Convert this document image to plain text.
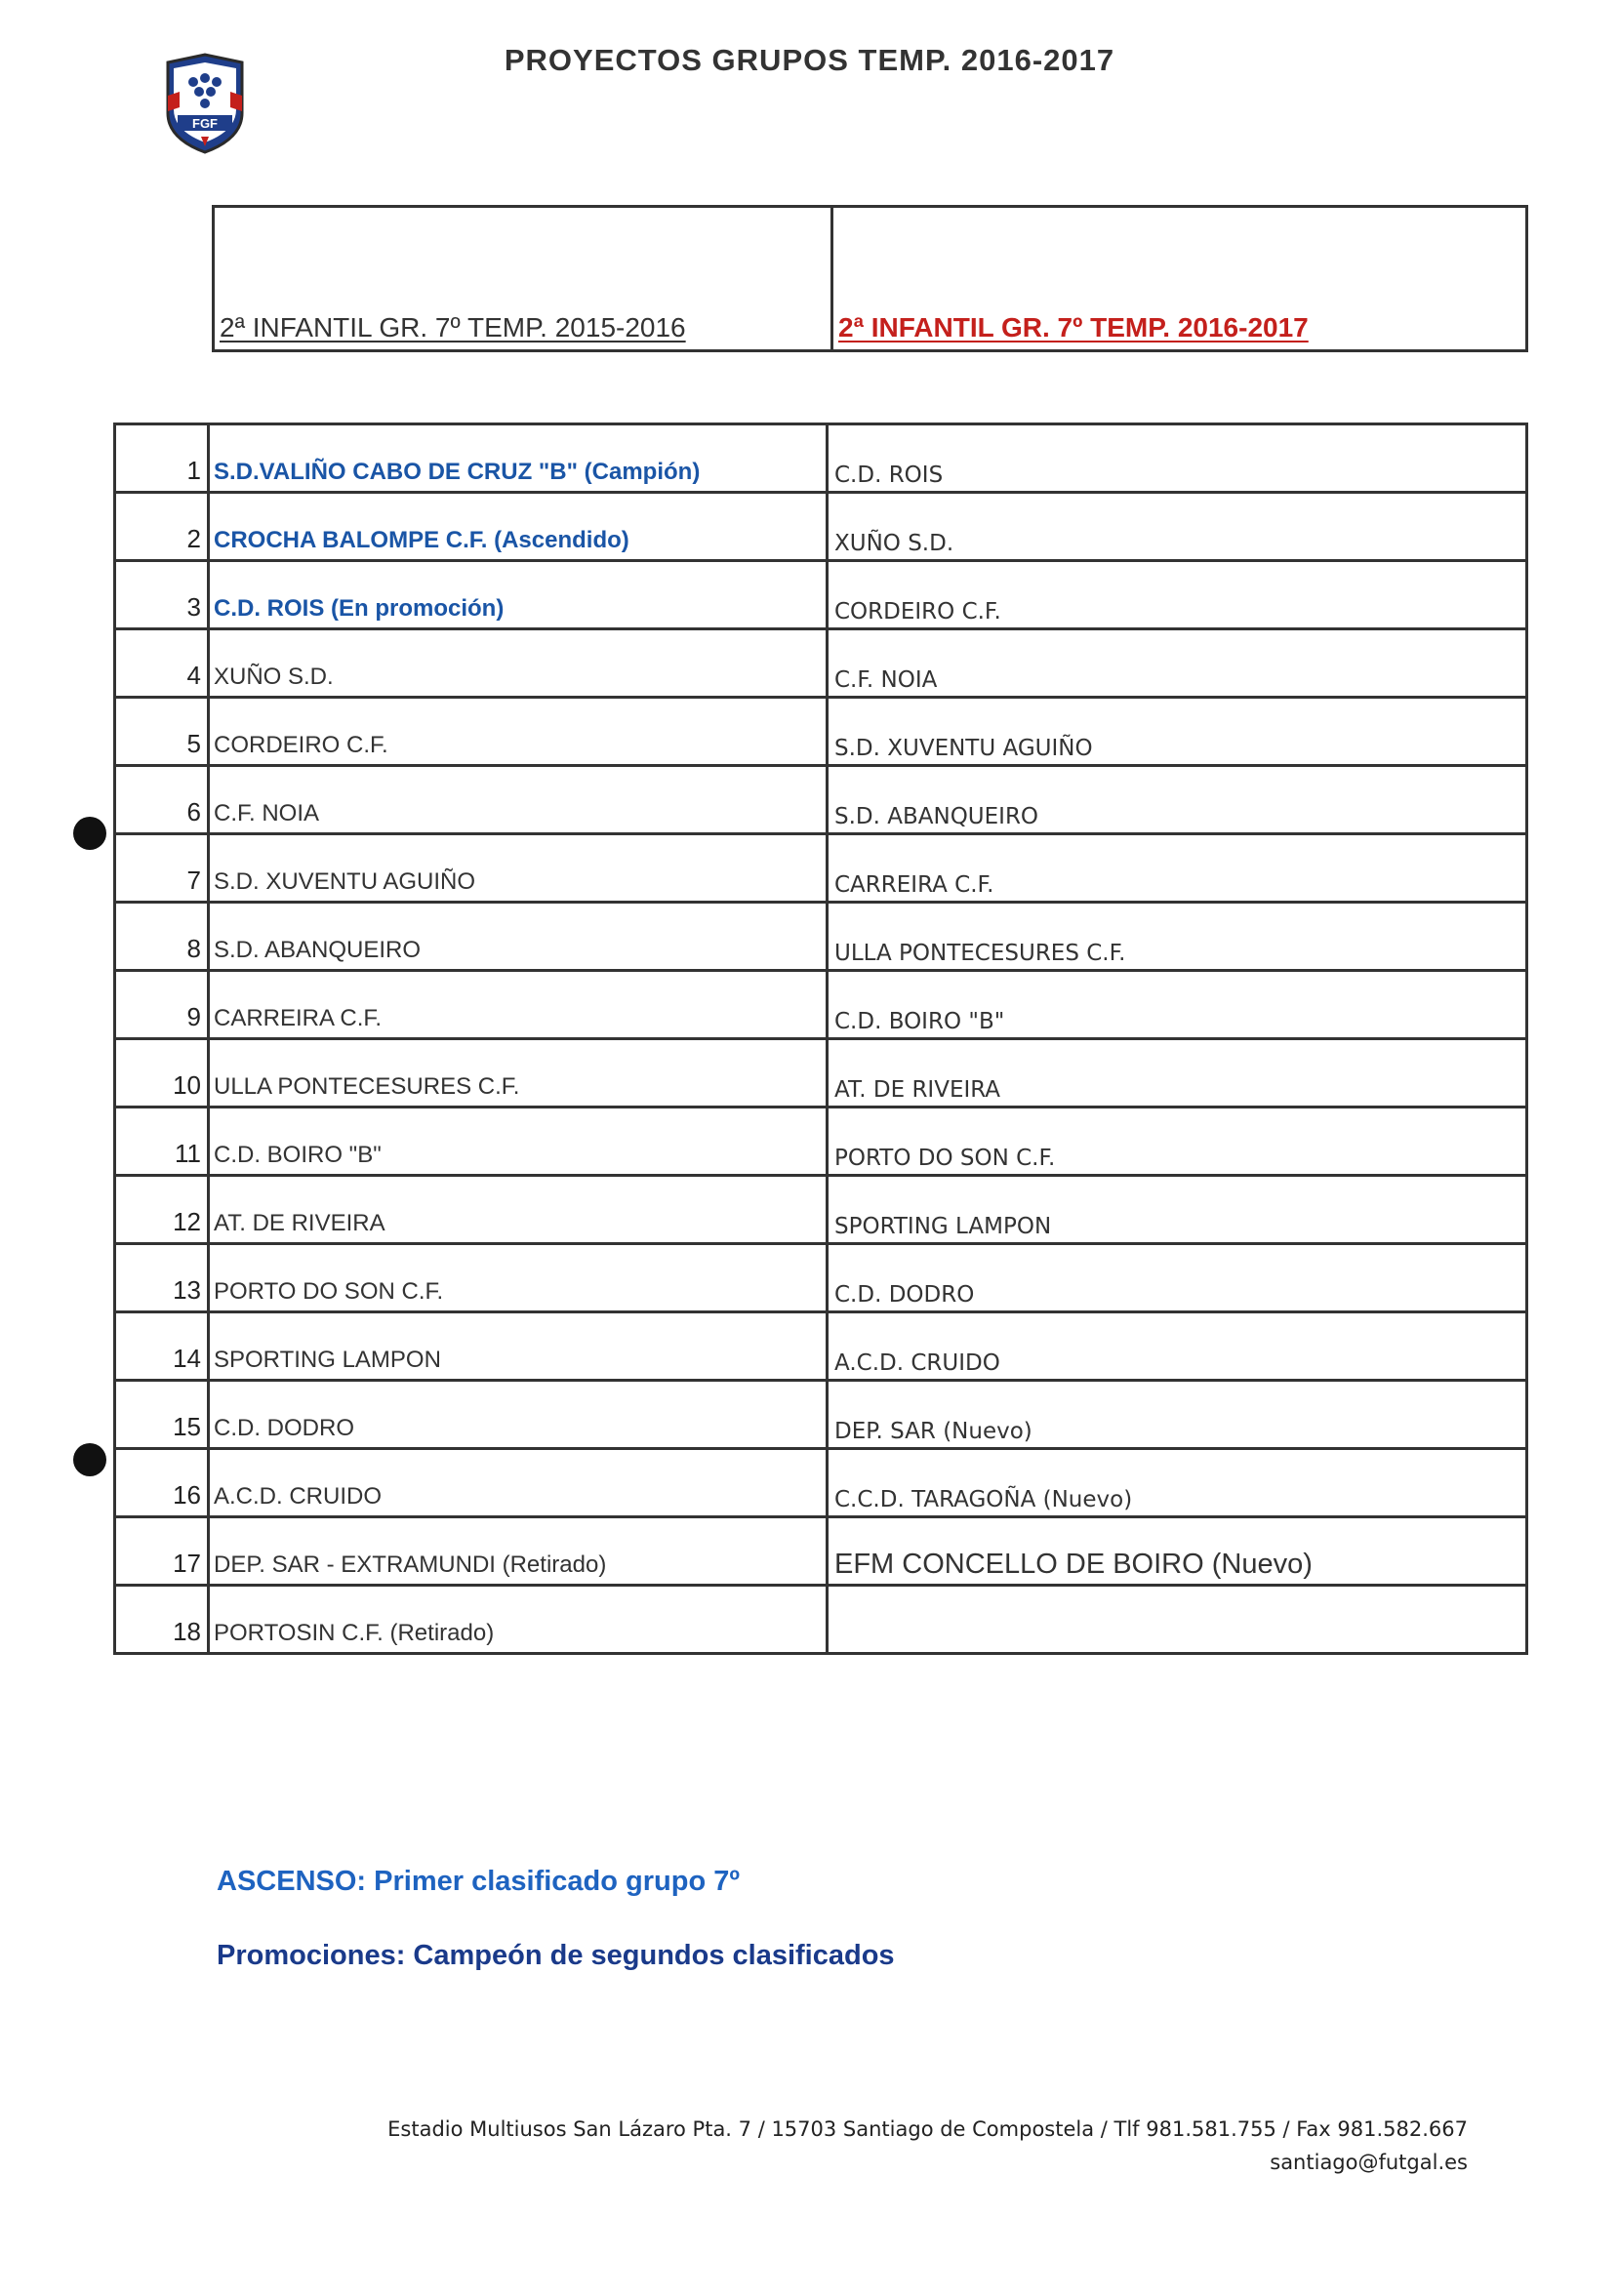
FGF
PROYECTOS GRUPOS TEMP. 2016-2017
2ª INFANTIL GR. 7º TEMP. 2015-2016	2ª INFANTIL GR. 7º TEMP. 2016-2017
1	S.D.VALIÑO CABO DE CRUZ "B" (Campión)	C.D. ROIS
2	CROCHA BALOMPE C.F. (Ascendido)	XUÑO S.D.
3	C.D. ROIS (En promoción)	CORDEIRO C.F.
4	XUÑO S.D.	C.F. NOIA
5	CORDEIRO C.F.	S.D. XUVENTU AGUIÑO
6	C.F. NOIA	S.D. ABANQUEIRO
7	S.D. XUVENTU AGUIÑO	CARREIRA C.F.
8	S.D. ABANQUEIRO	ULLA PONTECESURES C.F.
9	CARREIRA C.F.	C.D. BOIRO "B"
10	ULLA PONTECESURES C.F.	AT. DE RIVEIRA
11	C.D. BOIRO "B"	PORTO DO SON C.F.
12	AT. DE RIVEIRA	SPORTING LAMPON
13	PORTO DO SON C.F.	C.D. DODRO
14	SPORTING LAMPON	A.C.D. CRUIDO
15	C.D. DODRO	DEP. SAR (Nuevo)
16	A.C.D. CRUIDO	C.C.D. TARAGOÑA (Nuevo)
17	DEP. SAR - EXTRAMUNDI (Retirado)	EFM CONCELLO DE BOIRO (Nuevo)
18	PORTOSIN C.F. (Retirado)	
ASCENSO: Primer clasificado grupo 7º
Promociones: Campeón de segundos clasificados
Estadio Multiusos San Lázaro Pta. 7 / 15703 Santiago de Compostela / Tlf 981.581.755 / Fax 981.582.667
santiago@futgal.es
